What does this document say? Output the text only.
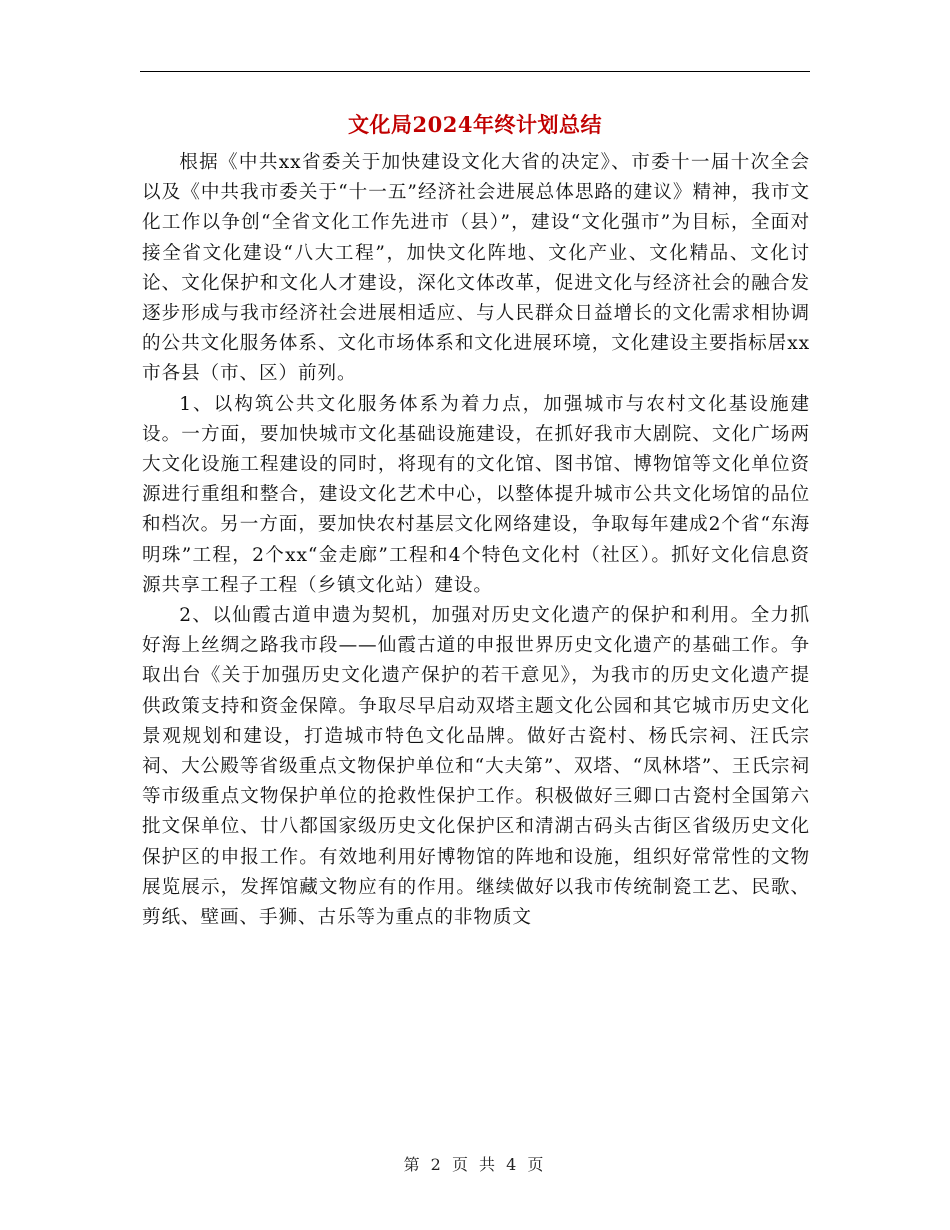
文化局2024年终计划总结

根据《中共xx省委关于加快建设文化大省的决定》、市委十一届十次全会以及《中共我市委关于“十一五”经济社会进展总体思路的建议》精神，我市文化工作以争创“全省文化工作先进市（县）”，建设“文化强市”为目标，全面对接全省文化建设“八大工程”，加快文化阵地、文化产业、文化精品、文化讨论、文化保护和文化人才建设，深化文体改革，促进文化与经济社会的融合发逐步形成与我市经济社会进展相适应、与人民群众日益增长的文化需求相协调的公共文化服务体系、文化市场体系和文化进展环境，文化建设主要指标居xx市各县（市、区）前列。

1、以构筑公共文化服务体系为着力点，加强城市与农村文化基设施建设。一方面，要加快城市文化基础设施建设，在抓好我市大剧院、文化广场两大文化设施工程建设的同时，将现有的文化馆、图书馆、博物馆等文化单位资源进行重组和整合，建设文化艺术中心，以整体提升城市公共文化场馆的品位和档次。另一方面，要加快农村基层文化网络建设，争取每年建成2个省“东海明珠”工程，2个xx“金走廊”工程和4个特色文化村（社区）。抓好文化信息资源共享工程子工程（乡镇文化站）建设。

2、以仙霞古道申遗为契机，加强对历史文化遗产的保护和利用。全力抓好海上丝绸之路我市段——仙霞古道的申报世界历史文化遗产的基础工作。争取出台《关于加强历史文化遗产保护的若干意见》，为我市的历史文化遗产提供政策支持和资金保障。争取尽早启动双塔主题文化公园和其它城市历史文化景观规划和建设，打造城市特色文化品牌。做好古瓷村、杨氏宗祠、汪氏宗祠、大公殿等省级重点文物保护单位和“大夫第”、双塔、“凤林塔”、王氏宗祠等市级重点文物保护单位的抢救性保护工作。积极做好三卿口古瓷村全国第六批文保单位、廿八都国家级历史文化保护区和清湖古码头古街区省级历史文化保护区的申报工作。有效地利用好博物馆的阵地和设施，组织好常常性的文物展览展示，发挥馆藏文物应有的作用。继续做好以我市传统制瓷工艺、民歌、剪纸、壁画、手狮、古乐等为重点的非物质文

第 2 页 共 4 页
